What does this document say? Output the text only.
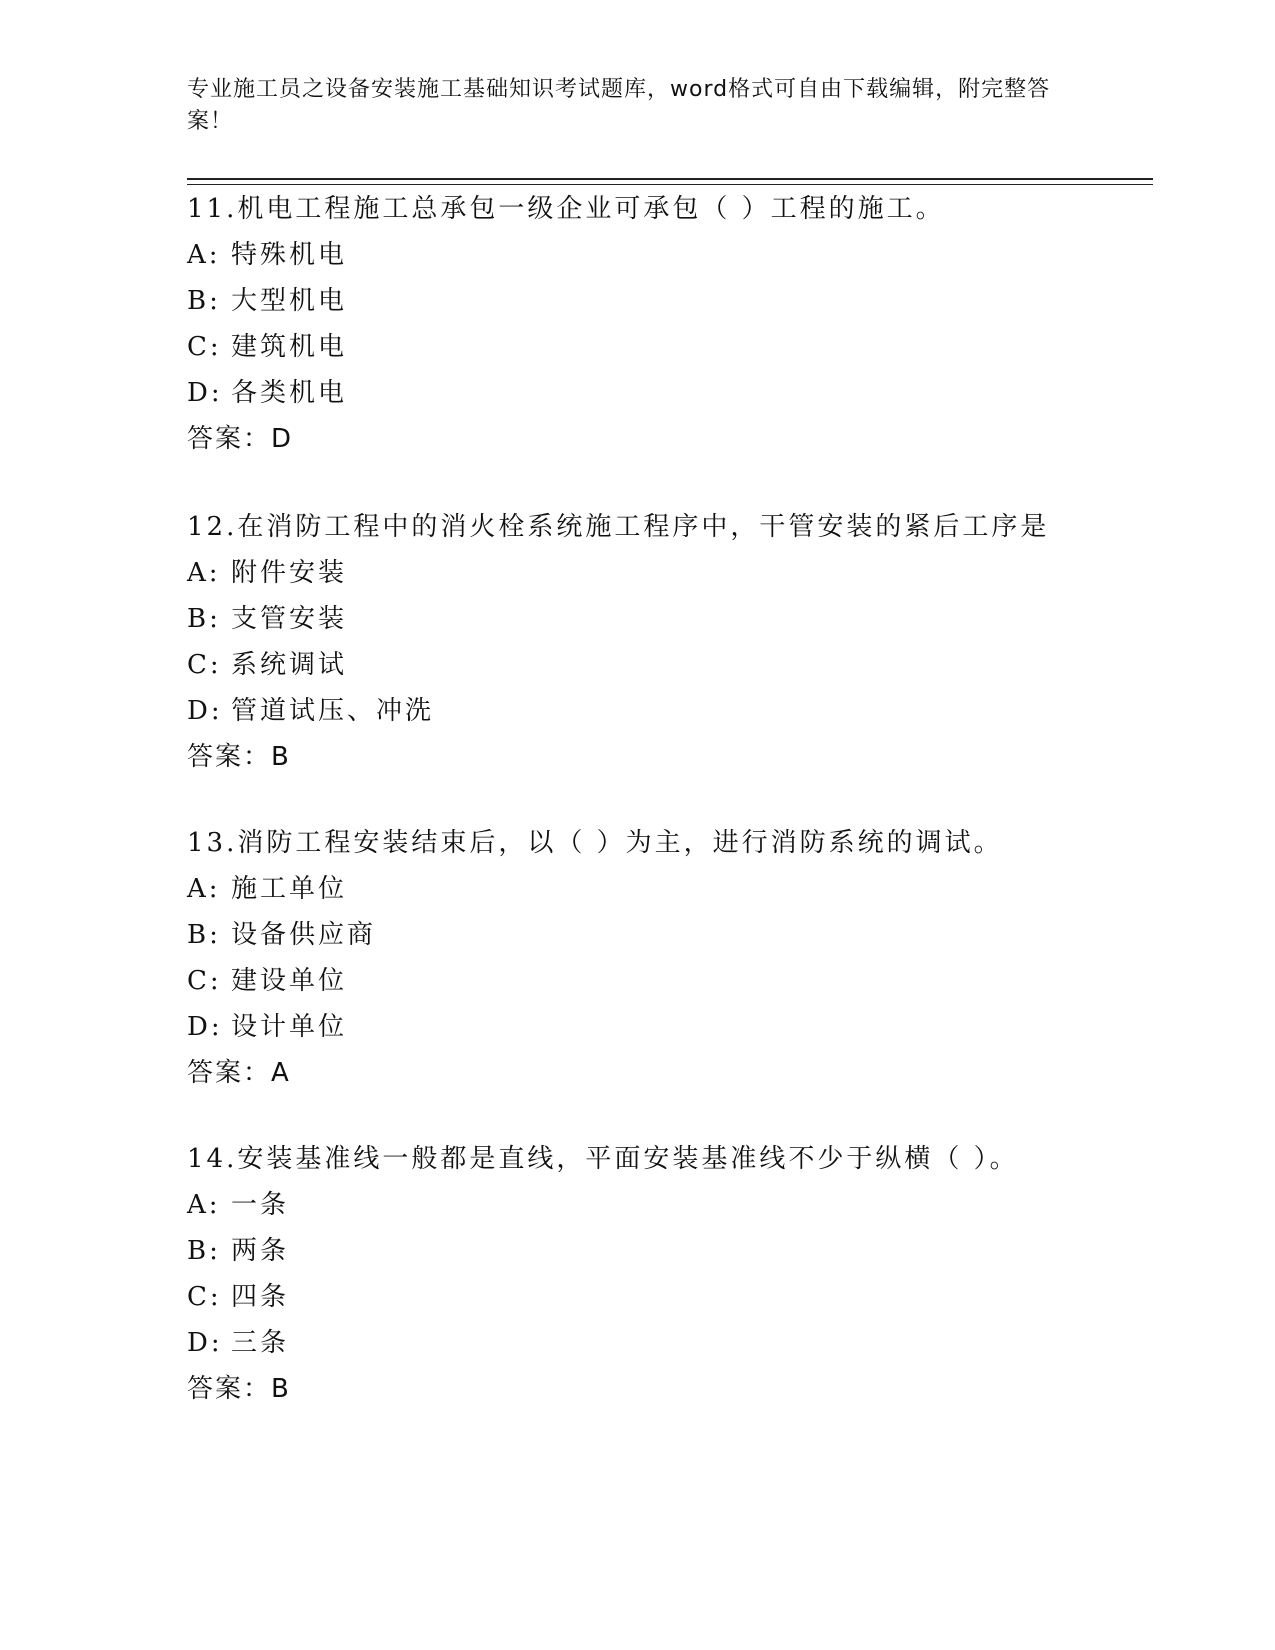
专业施工员之设备安装施工基础知识考试题库，word格式可自由下载编辑，附完整答案！
11.机电工程施工总承包一级企业可承包（ ）工程的施工。
A: 特殊机电
B: 大型机电
C: 建筑机电
D: 各类机电
答案：D
12.在消防工程中的消火栓系统施工程序中，干管安装的紧后工序是
A: 附件安装
B: 支管安装
C: 系统调试
D: 管道试压、冲洗
答案：B
13.消防工程安装结束后，以（ ）为主，进行消防系统的调试。
A: 施工单位
B: 设备供应商
C: 建设单位
D: 设计单位
答案：A
14.安装基准线一般都是直线，平面安装基准线不少于纵横（ ）。
A: 一条
B: 两条
C: 四条
D: 三条
答案：B
